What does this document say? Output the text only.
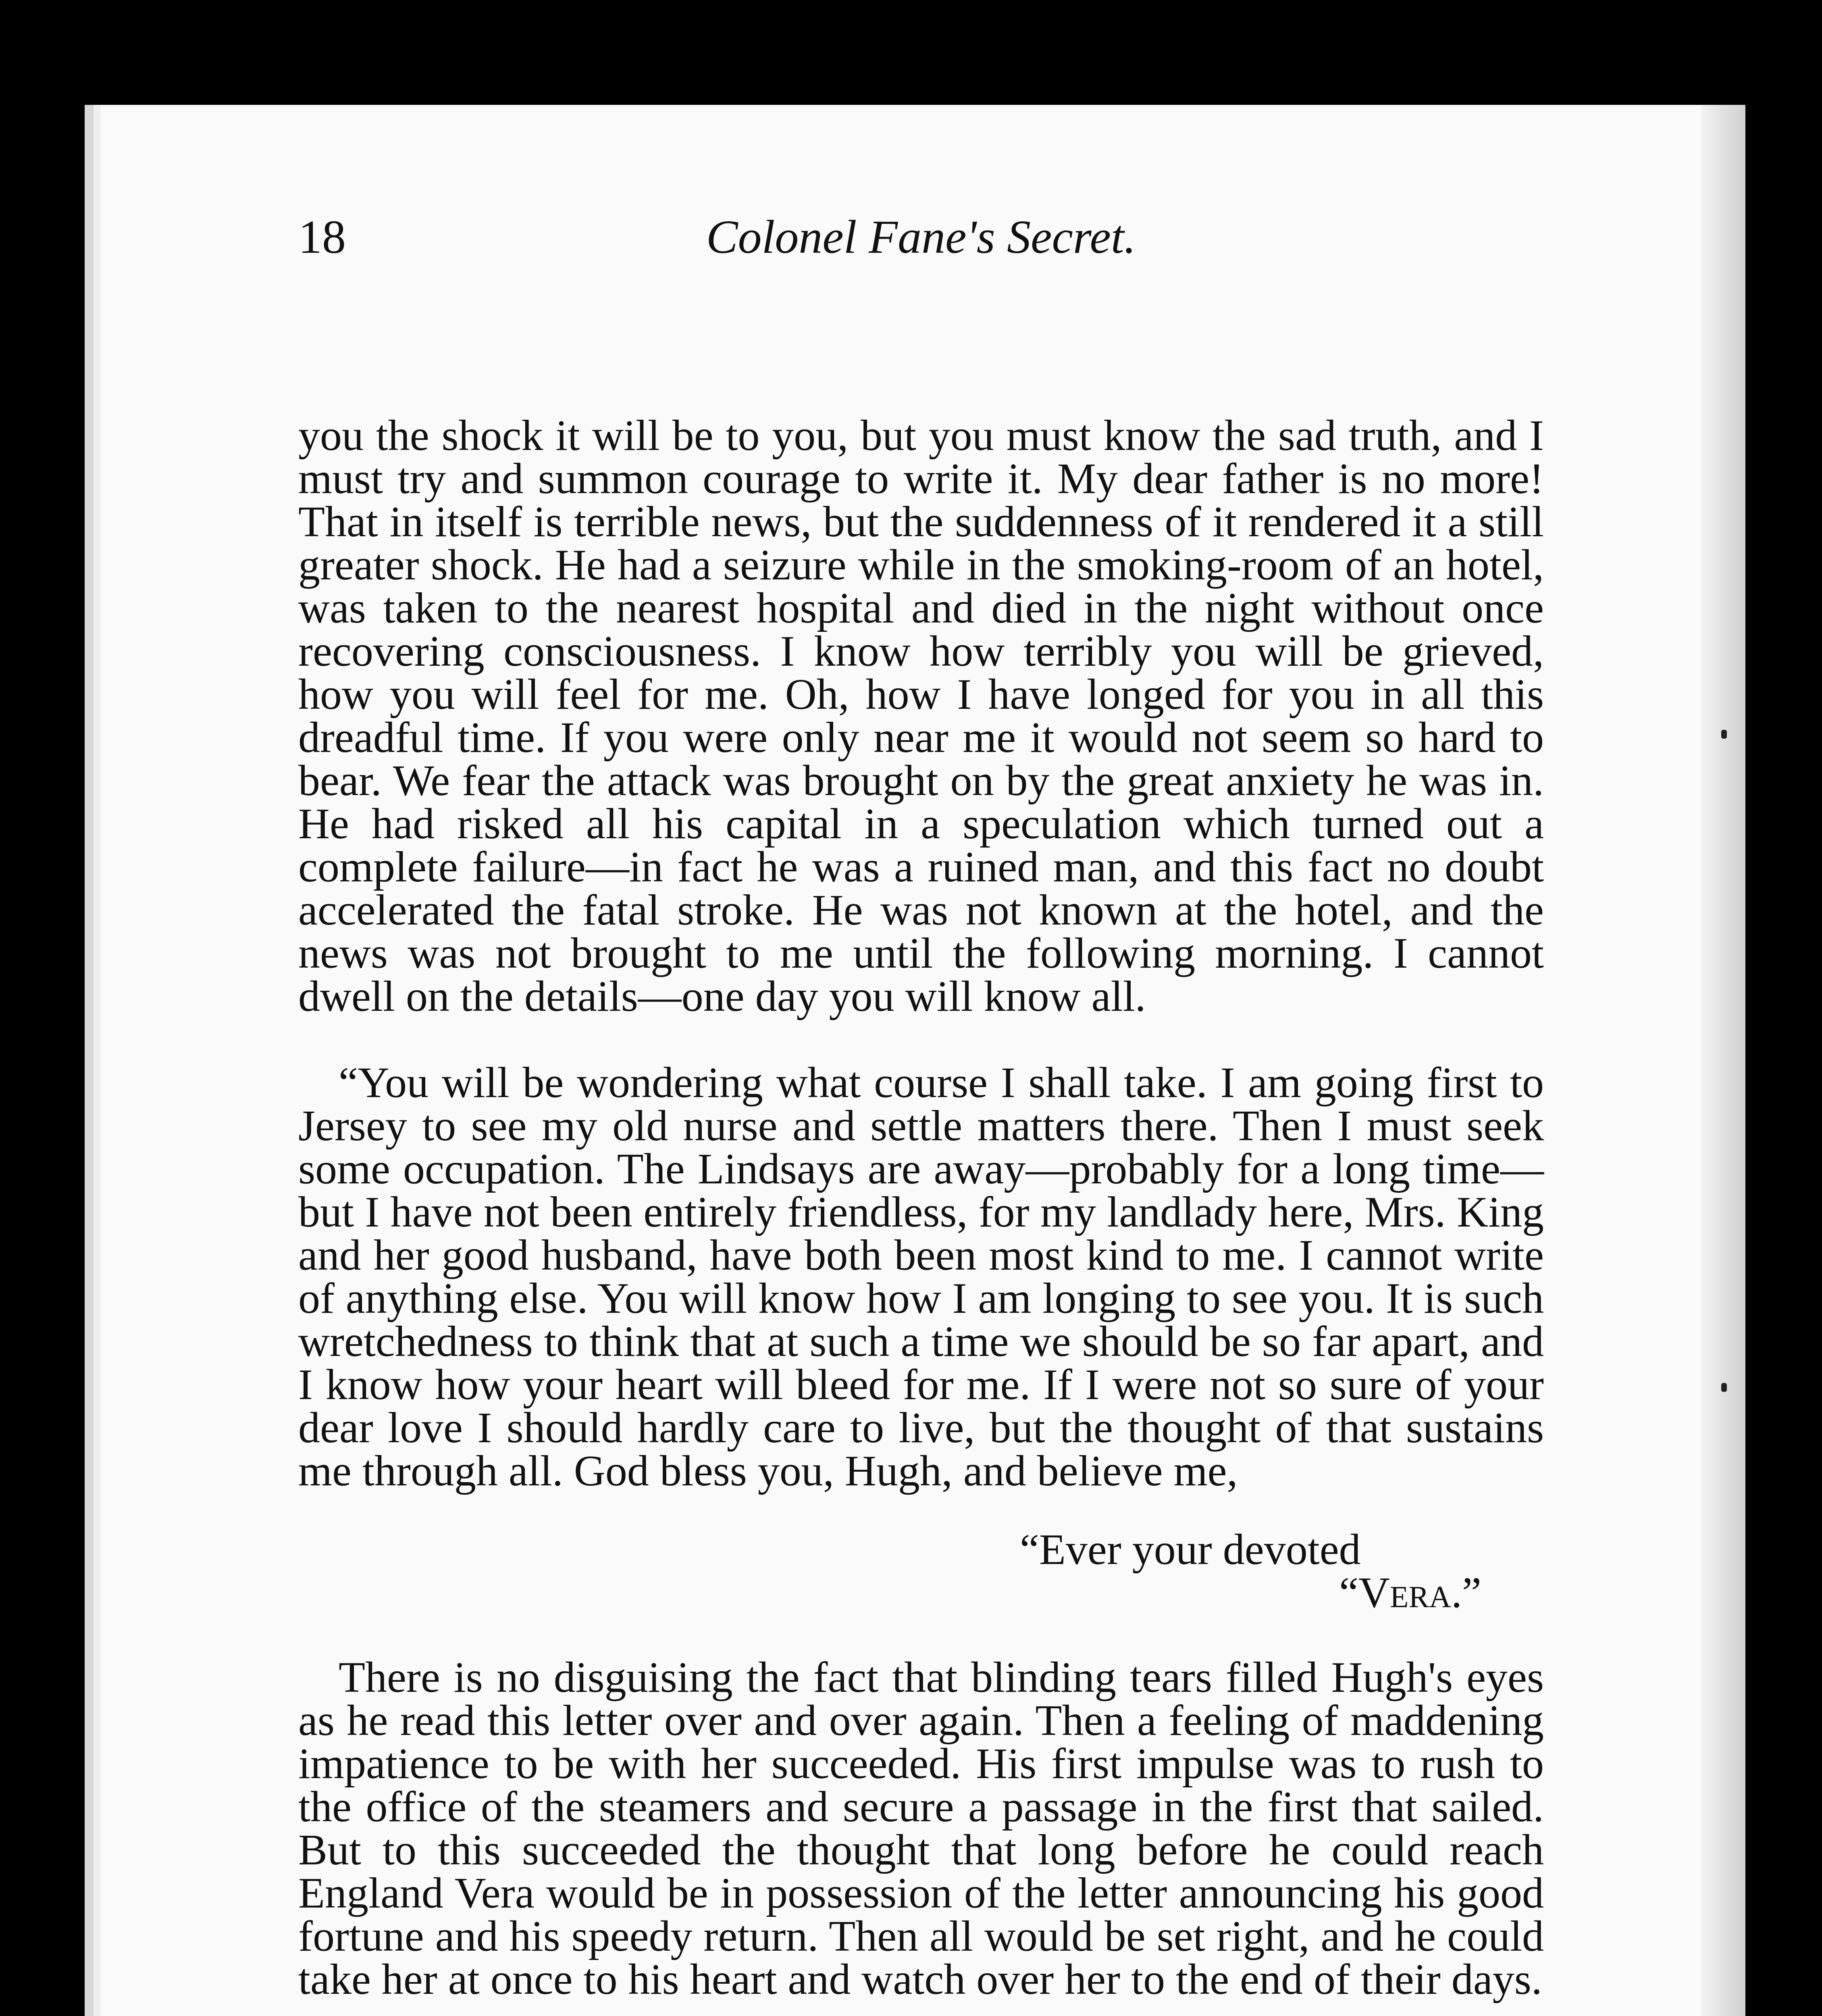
18	Colonel Fane's Secret.

you the shock it will be to you, but you must know the sad truth, and I must try and summon courage to write it. My dear father is no more! That in itself is terrible news, but the suddenness of it rendered it a still greater shock. He had a seizure while in the smoking-room of an hotel, was taken to the nearest hospital and died in the night without once recovering consciousness. I know how terribly you will be grieved, how you will feel for me. Oh, how I have longed for you in all this dreadful time. If you were only near me it would not seem so hard to bear. We fear the attack was brought on by the great anxiety he was in. He had risked all his capital in a speculation which turned out a complete failure—in fact he was a ruined man, and this fact no doubt accelerated the fatal stroke. He was not known at the hotel, and the news was not brought to me until the following morning. I cannot dwell on the details—one day you will know all.

“You will be wondering what course I shall take. I am going first to Jersey to see my old nurse and settle matters there. Then I must seek some occupation. The Lindsays are away—probably for a long time—but I have not been entirely friendless, for my landlady here, Mrs. King and her good husband, have both been most kind to me. I cannot write of anything else. You will know how I am longing to see you. It is such wretchedness to think that at such a time we should be so far apart, and I know how your heart will bleed for me. If I were not so sure of your dear love I should hardly care to live, but the thought of that sustains me through all. God bless you, Hugh, and believe me,

“Ever your devoted
“Vera.”

There is no disguising the fact that blinding tears filled Hugh's eyes as he read this letter over and over again. Then a feeling of maddening impatience to be with her succeeded. His first impulse was to rush to the office of the steamers and secure a passage in the first that sailed. But to this succeeded the thought that long before he could reach England Vera would be in possession of the letter announcing his good fortune and his speedy return. Then all would be set right, and he could take her at once to his heart and watch over her to the end of their days.
